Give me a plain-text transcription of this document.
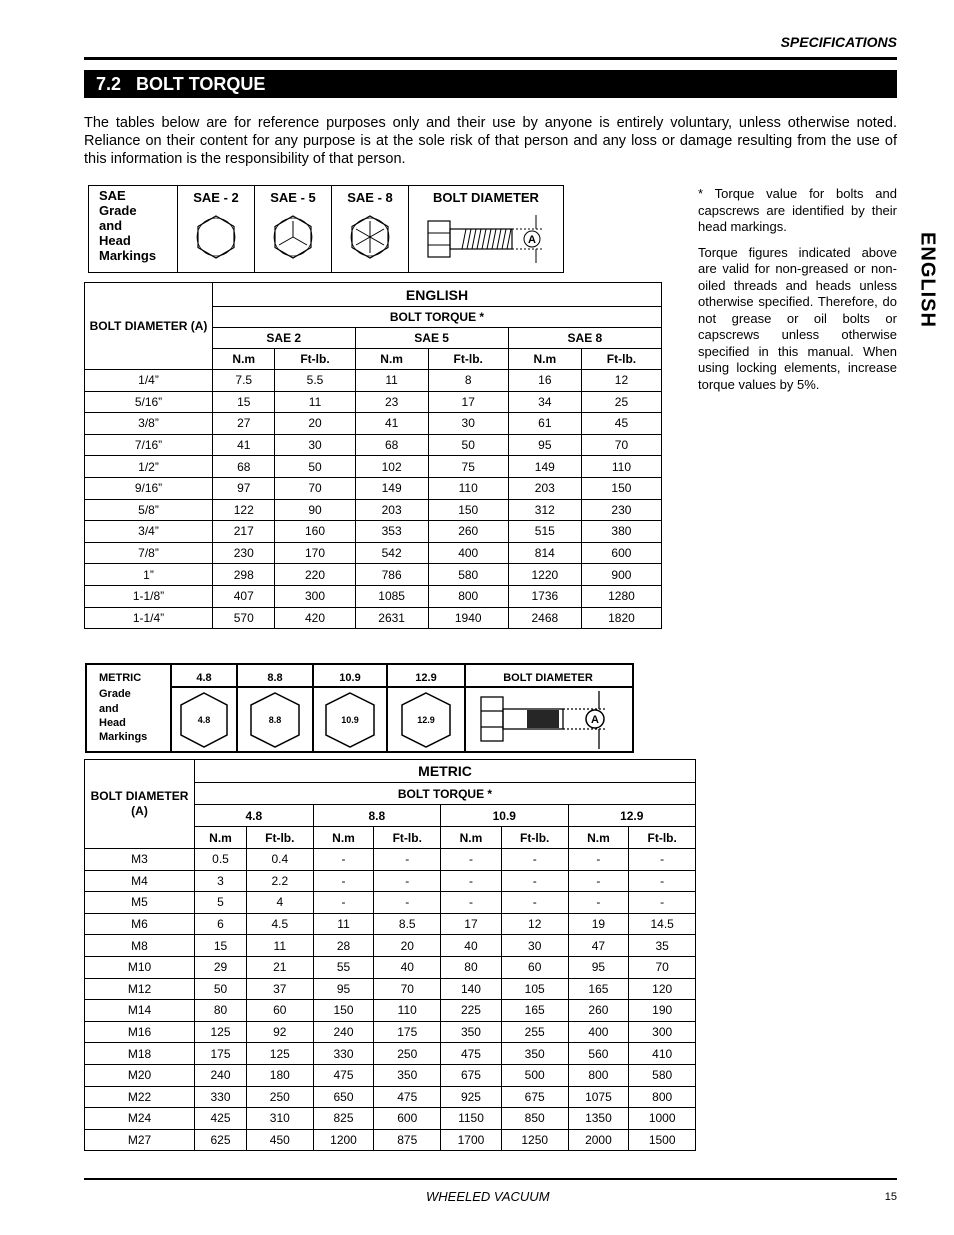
SPECIFICATIONS
7.2 BOLT TORQUE
The tables below are for reference purposes only and their use by anyone is entirely voluntary, unless otherwise noted. Reliance on their content for any purpose is at the sole risk of that person and any loss or damage resulting from the use of this information is the responsibility of that person.
SAE
Grade
and
Head
Markings	
SAE - 2	SAE - 5	SAE - 8	BOLT DIAMETER
A

* Torque value for bolts and capscrews are identified by their head markings.

Torque figures indicated above are valid for non-greased or non-oiled threads and heads unless otherwise specified. Therefore, do not grease or oil bolts or capscrews unless otherwise specified in this manual. When using locking elements, increase torque values by 5%.

ENGLISH
BOLT DIAMETER (A)	ENGLISH					
	BOLT TORQUE *					
	SAE 2		SAE 5		SAE 8	
	N.m	Ft-lb.	N.m	Ft-lb.	N.m	Ft-lb.
1/4”	7.5	5.5	11	8	16	12
5/16”	15	11	23	17	34	25
3/8”	27	20	41	30	61	45
7/16”	41	30	68	50	95	70
1/2”	68	50	102	75	149	110
9/16”	97	70	149	110	203	150
5/8”	122	90	203	150	312	230
3/4”	217	160	353	260	515	380
7/8”	230	170	542	400	814	600
1”	298	220	786	580	1220	900
1-1/8”	407	300	1085	800	1736	1280
1-1/4”	570	420	2631	1940	2468	1820
METRIC
Grade
and
Head
Markings
4.8	8.8	10.9	12.9	BOLT DIAMETER
4.8	8.8	10.9	12.9	A
BOLT DIAMETER (A)	METRIC							
	BOLT TORQUE *							
	4.8		8.8		10.9		12.9	
	N.m	Ft-lb.	N.m	Ft-lb.	N.m	Ft-lb.	N.m	Ft-lb.
M3	0.5	0.4	-	-	-	-	-	-
M4	3	2.2	-	-	-	-	-	-
M5	5	4	-	-	-	-	-	-
M6	6	4.5	11	8.5	17	12	19	14.5
M8	15	11	28	20	40	30	47	35
M10	29	21	55	40	80	60	95	70
M12	50	37	95	70	140	105	165	120
M14	80	60	150	110	225	165	260	190
M16	125	92	240	175	350	255	400	300
M18	175	125	330	250	475	350	560	410
M20	240	180	475	350	675	500	800	580
M22	330	250	650	475	925	675	1075	800
M24	425	310	825	600	1150	850	1350	1000
M27	625	450	1200	875	1700	1250	2000	1500
WHEELED VACUUM	15
